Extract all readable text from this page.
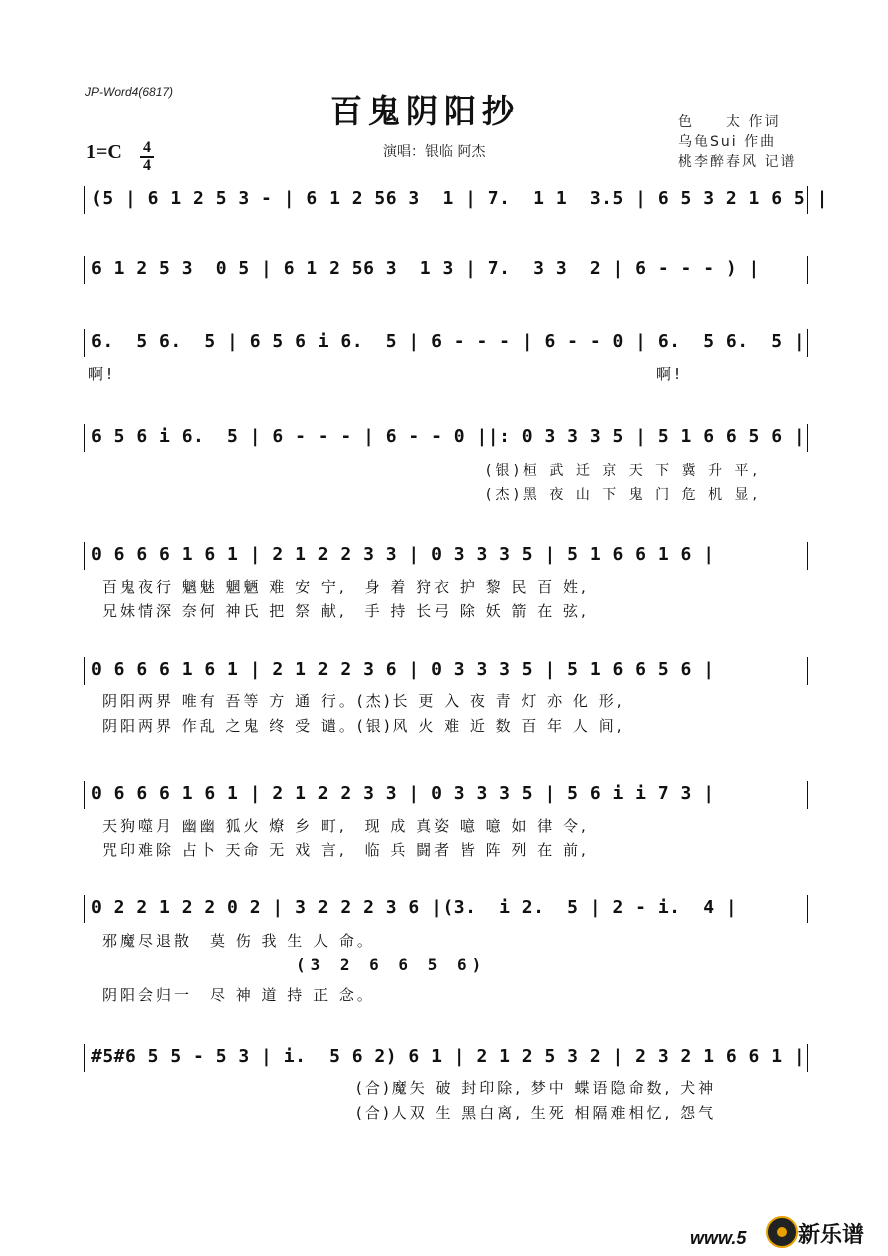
JP-Word4(6817)	百鬼阴阳抄
1=C	4
4
演唱：银临 阿杰
色　　太 作词
乌龟Sui 作曲
桃李醉春风 记谱
(5 | 6 1 2 5 3 - | 6 1 2 56 3  1 | 7.  1 1  3.5 | 6 5 3 2 1 6 5 |
6 1 2 5 3  0 5 | 6 1 2 56 3  1 3 | 7.  3 3  2 | 6 - - - ) |
6.  5 6.  5 | 6 5 6 i 6.  5 | 6 - - - | 6 - - 0 | 6.  5 6.  5 |
啊!	啊!
6 5 6 i 6.  5 | 6 - - - | 6 - - 0 ||: 0 3 3 3 5 | 5 1 6 6 5 6 |
(银)桓 武 迁 京 天 下 冀 升 平,
(杰)黑 夜 山 下 鬼 门 危 机 显,
0 6 6 6 1 6 1 | 2 1 2 2 3 3 | 0 3 3 3 5 | 5 1 6 6 1 6 |
百鬼夜行 魑魅 魍魉 难 安 宁,　身 着 狩衣 护 黎 民 百 姓,
兄妹情深 奈何 神氏 把 祭 献,　手 持 长弓 除 妖 箭 在 弦,
0 6 6 6 1 6 1 | 2 1 2 2 3 6 | 0 3 3 3 5 | 5 1 6 6 5 6 |
阴阳两界 唯有 吾等 方 通 行。(杰)长 更 入 夜 青 灯 亦 化 形,
阴阳两界 作乱 之鬼 终 受 谴。(银)风 火 难 近 数 百 年 人 间,
0 6 6 6 1 6 1 | 2 1 2 2 3 3 | 0 3 3 3 5 | 5 6 i i 7 3 |
天狗噬月 幽幽 狐火 燎 乡 町,　现 成 真姿 噫 噫 如 律 令,
咒印难除 占卜 天命 无 戏 言,　临 兵 闘者 皆 阵 列 在 前,
0 2 2 1 2 2 0 2 | 3 2 2 2 3 6 |(3.  i 2.  5 | 2 - i.  4 |
邪魔尽退散　莫 伤 我 生 人 命。
(3 2 6 6 5 6)
阴阳会归一　尽 神 道 持 正 念。
#5#6 5 5 - 5 3 | i.  5 6 2) 6 1 | 2 1 2 5 3 2 | 2 3 2 1 6 6 1 |
(合)魔矢 破 封印除, 梦中 蝶语隐命数, 犬神
(合)人双 生 黑白离, 生死 相隔难相忆, 怨气
www.5 新乐谱
